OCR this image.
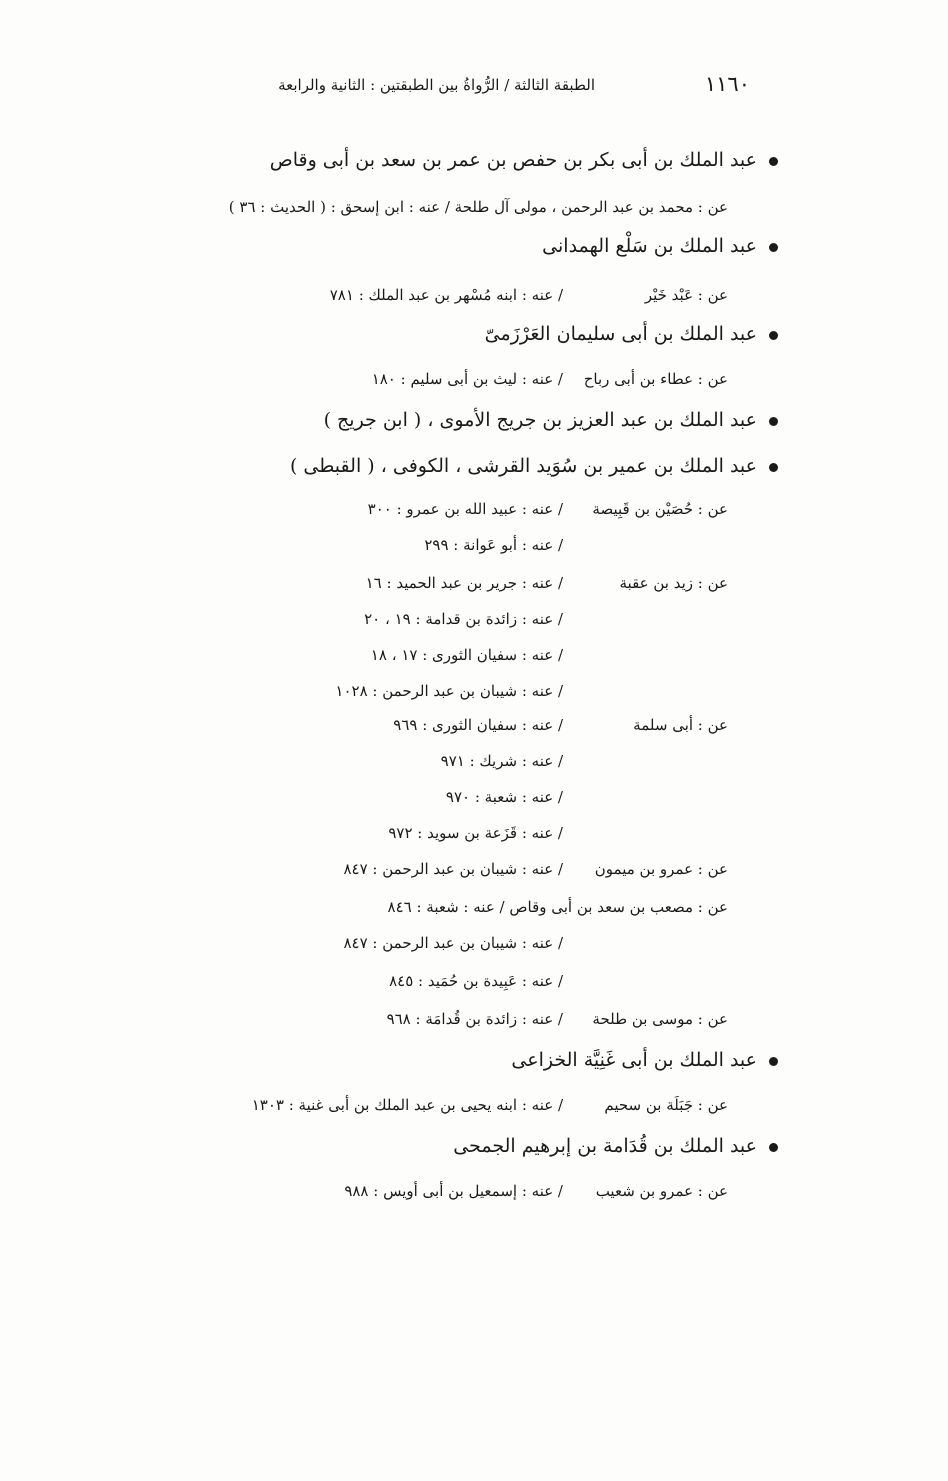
١١٦٠
الطبقة الثالثة / الرُّواةُ بين الطبقتين : الثانية والرابعة
عبد الملك بن أبى بكر بن حفص بن عمر بن سعد بن أبى وقاص
عن : محمد بن عبد الرحمن ، مولى آل طلحة / عنه : ابن إسحق : ( الحديث : ٣٦ )
عبد الملك بن سَلْع الهمدانى
عن : عَبْد خَيْر
/ عنه : ابنه مُسْهر بن عبد الملك : ٧٨١
عبد الملك بن أبى سليمان العَرْزَمىّ
عن : عطاء بن أبى رباح
/ عنه : ليث بن أبى سليم : ١٨٠
عبد الملك بن عبد العزيز بن جريج الأموى ، ( ابن جريج )
عبد الملك بن عمير بن سُوَيد القرشى ، الكوفى ، ( القبطى )
عن : حُصَيْن بن قَبِيصة
/ عنه : عبيد الله بن عمرو : ٣٠٠
/ عنه : أبو عَوانة : ٢٩٩
عن : زيد بن عقبة
/ عنه : جرير بن عبد الحميد : ١٦
/ عنه : زائدة بن قدامة : ١٩ ، ٢٠
/ عنه : سفيان الثورى : ١٧ ، ١٨
/ عنه : شيبان بن عبد الرحمن : ١٠٢٨
عن : أبى سلمة
/ عنه : سفيان الثورى : ٩٦٩
/ عنه : شريك : ٩٧١
/ عنه : شعبة : ٩٧٠
/ عنه : قَزَعة بن سويد : ٩٧٢
عن : عمرو بن ميمون
/ عنه : شيبان بن عبد الرحمن : ٨٤٧
عن : مصعب بن سعد بن أبى وقاص / عنه : شعبة : ٨٤٦
/ عنه : شيبان بن عبد الرحمن : ٨٤٧
/ عنه : عَبِيدة بن حُمَيد : ٨٤٥
عن : موسى بن طلحة
/ عنه : زائدة بن قُدامَة : ٩٦٨
عبد الملك بن أبى غَنِيَّة الخزاعى
عن : جَبَلَة بن سحيم
/ عنه : ابنه يحيى بن عبد الملك بن أبى غنية : ١٣٠٣
عبد الملك بن قُدَامة بن إبرهيم الجمحى
عن : عمرو بن شعيب
/ عنه : إسمعيل بن أبى أويس : ٩٨٨
